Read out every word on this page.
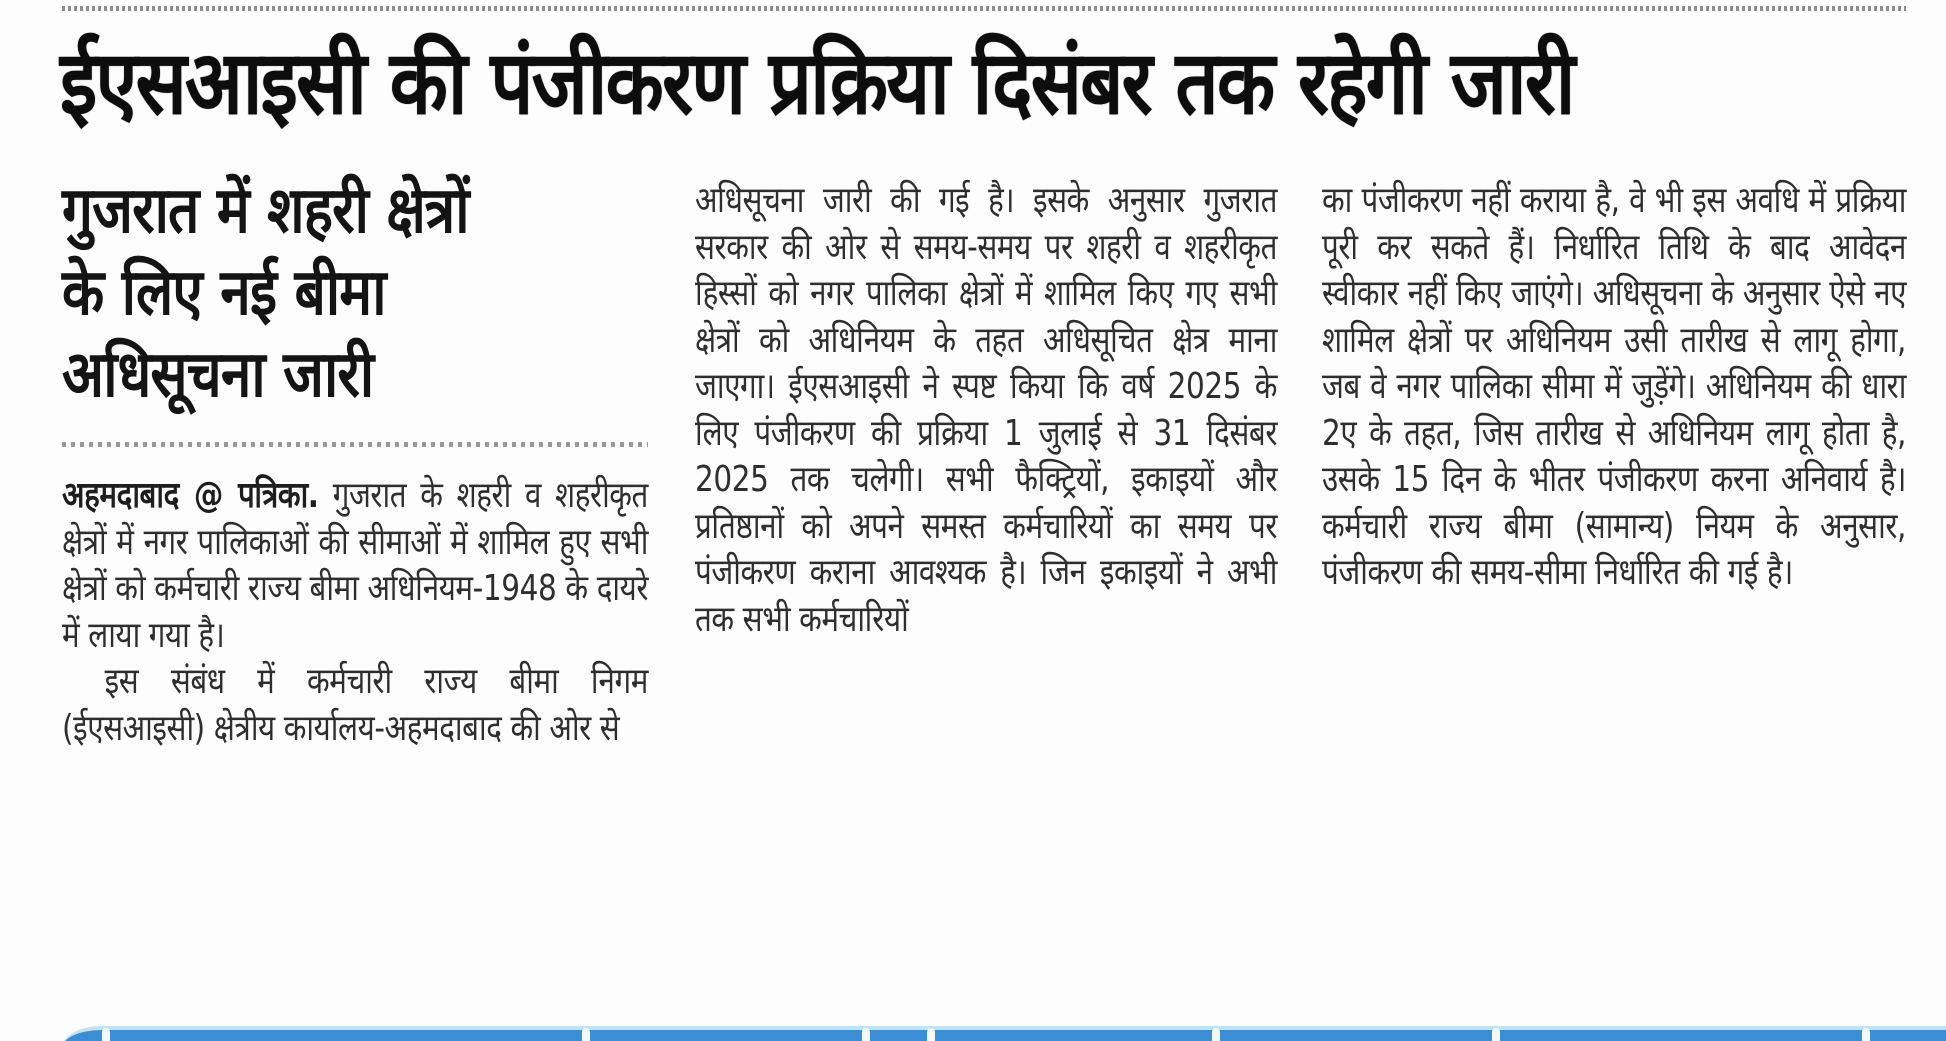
ईएसआइसी की पंजीकरण प्रक्रिया दिसंबर तक रहेगी जारी
गुजरात में शहरी क्षेत्रों
के लिए नई बीमा
अधिसूचना जारी

अहमदाबाद @ पत्रिका. गुजरात के शहरी व शहरीकृत क्षेत्रों में नगर पालिकाओं की सीमाओं में शामिल हुए सभी क्षेत्रों को कर्मचारी राज्य बीमा अधिनियम-1948 के दायरे में लाया गया है।

इस संबंध में कर्मचारी राज्य बीमा निगम (ईएसआइसी) क्षेत्रीय कार्यालय-अहमदाबाद की ओर से

अधिसूचना जारी की गई है। इसके अनुसार गुजरात सरकार की ओर से समय-समय पर शहरी व शहरीकृत हिस्सों को नगर पालिका क्षेत्रों में शामिल किए गए सभी क्षेत्रों को अधिनियम के तहत अधिसूचित क्षेत्र माना जाएगा। ईएसआइसी ने स्पष्ट किया कि वर्ष 2025 के लिए पंजीकरण की प्रक्रिया 1 जुलाई से 31 दिसंबर 2025 तक चलेगी। सभी फैक्ट्रियों, इकाइयों और प्रतिष्ठानों को अपने समस्त कर्मचारियों का समय पर पंजीकरण कराना आवश्यक है। जिन इकाइयों ने अभी तक सभी कर्मचारियों

का पंजीकरण नहीं कराया है, वे भी इस अवधि में प्रक्रिया पूरी कर सकते हैं। निर्धारित तिथि के बाद आवेदन स्वीकार नहीं किए जाएंगे। अधिसूचना के अनुसार ऐसे नए शामिल क्षेत्रों पर अधिनियम उसी तारीख से लागू होगा, जब वे नगर पालिका सीमा में जुड़ेंगे। अधिनियम की धारा 2ए के तहत, जिस तारीख से अधिनियम लागू होता है, उसके 15 दिन के भीतर पंजीकरण करना अनिवार्य है। कर्मचारी राज्य बीमा (सामान्य) नियम के अनुसार, पंजीकरण की समय-सीमा निर्धारित की गई है।
